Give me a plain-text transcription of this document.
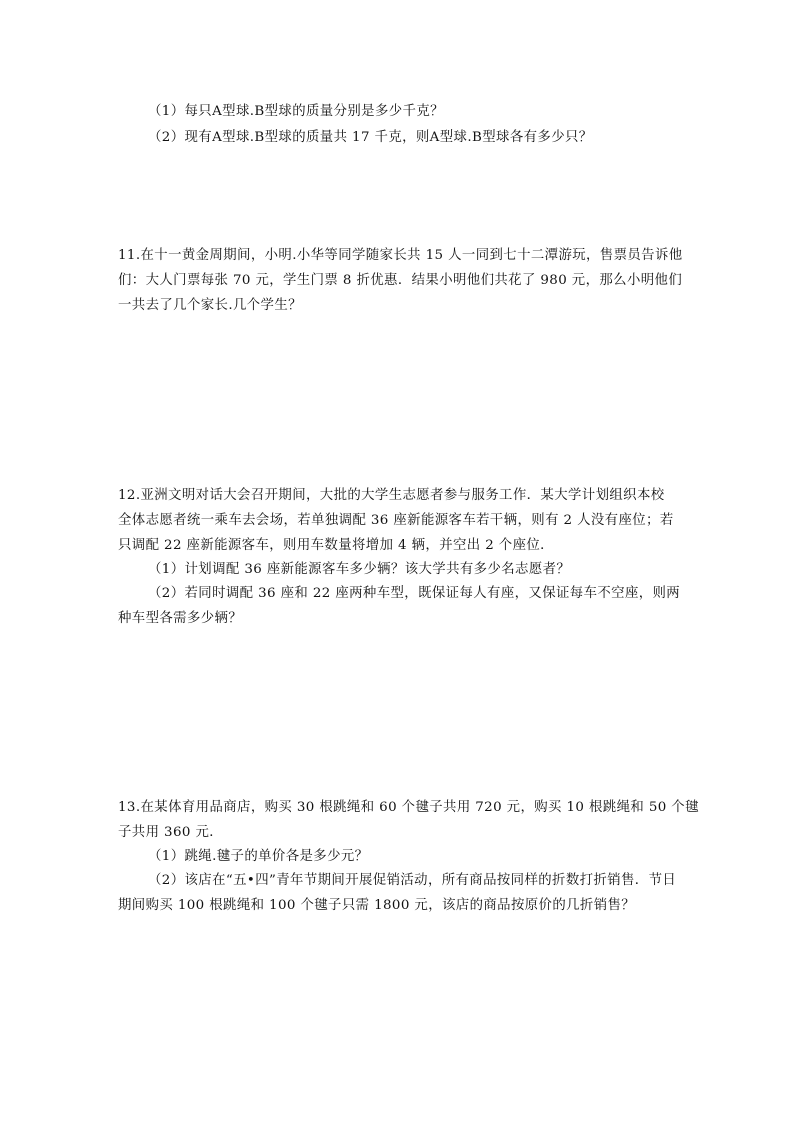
（1）每只A型球.B型球的质量分别是多少千克？
（2）现有A型球.B型球的质量共 17 千克，则A型球.B型球各有多少只？
11.在十一黄金周期间，小明.小华等同学随家长共 15 人一同到七十二潭游玩，售票员告诉他
们：大人门票每张 70 元，学生门票 8 折优惠．结果小明他们共花了 980 元，那么小明他们
一共去了几个家长.几个学生？
12.亚洲文明对话大会召开期间，大批的大学生志愿者参与服务工作．某大学计划组织本校
全体志愿者统一乘车去会场，若单独调配 36 座新能源客车若干辆，则有 2 人没有座位；若
只调配 22 座新能源客车，则用车数量将增加 4 辆，并空出 2 个座位．
（1）计划调配 36 座新能源客车多少辆？该大学共有多少名志愿者？
（2）若同时调配 36 座和 22 座两种车型，既保证每人有座，又保证每车不空座，则两
种车型各需多少辆？
13.在某体育用品商店，购买 30 根跳绳和 60 个毽子共用 720 元，购买 10 根跳绳和 50 个毽
子共用 360 元．
（1）跳绳.毽子的单价各是多少元？
（2）该店在“五•四”青年节期间开展促销活动，所有商品按同样的折数打折销售．节日
期间购买 100 根跳绳和 100 个毽子只需 1800 元，该店的商品按原价的几折销售？
